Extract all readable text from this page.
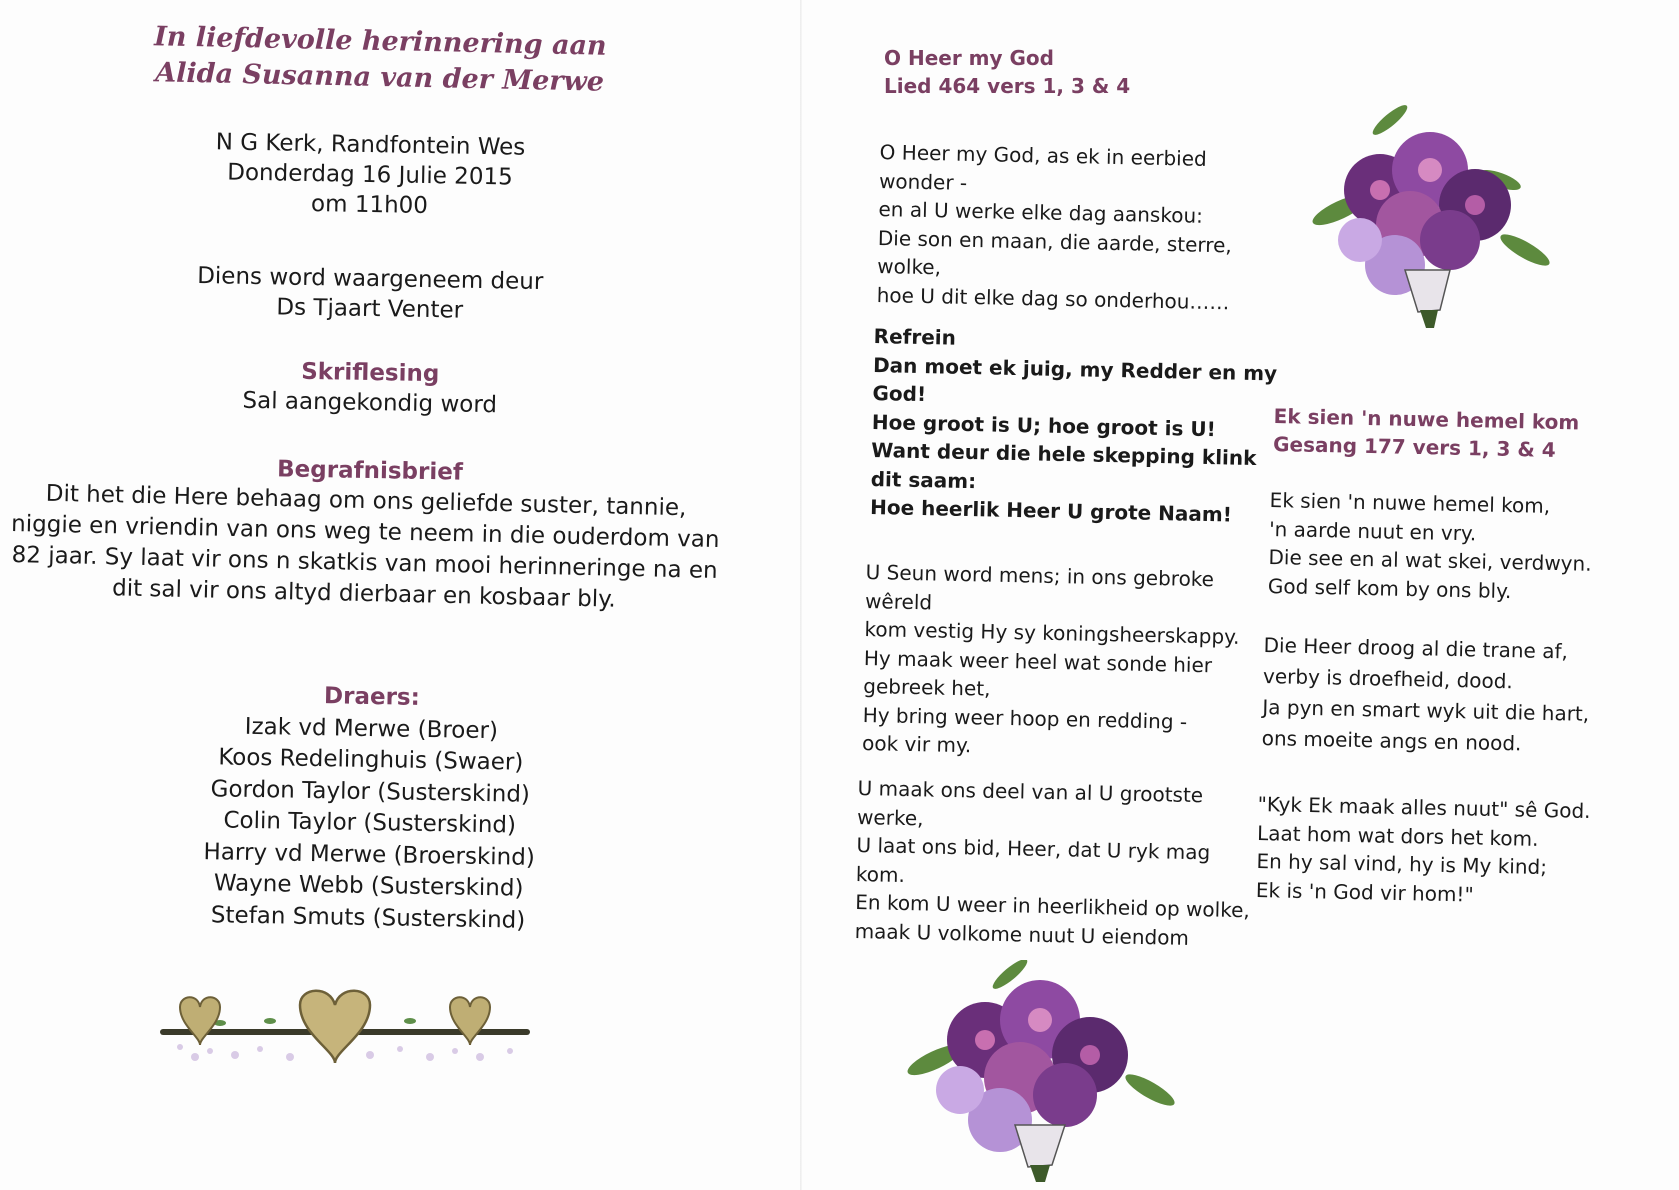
In liefdevolle herinnering aan
Alida Susanna van der Merwe
N G Kerk, Randfontein Wes
Donderdag 16 Julie 2015
om 11h00
Diens word waargeneem deur
Ds Tjaart Venter
Skriflesing
Sal aangekondig word
Begrafnisbrief
Dit het die Here behaag om ons geliefde suster, tannie, niggie en vriendin van ons weg te neem in die ouderdom van 82 jaar. Sy laat vir ons n skatkis van mooi herinneringe na en dit sal vir ons altyd dierbaar en kosbaar bly.
Draers:
Izak vd Merwe (Broer)
Koos Redelinghuis (Swaer)
Gordon Taylor (Susterskind)
Colin Taylor (Susterskind)
Harry vd Merwe (Broerskind)
Wayne Webb (Susterskind)
Stefan Smuts (Susterskind)
O Heer my God
Lied 464 vers 1, 3 & 4
O Heer my God, as ek in eerbied
wonder -
en al U werke elke dag aanskou:
Die son en maan, die aarde, sterre,
wolke,
hoe U dit elke dag so onderhou……
Refrein
Dan moet ek juig, my Redder en my
God!
Hoe groot is U; hoe groot is U!
Want deur die hele skepping klink
dit saam:
Hoe heerlik Heer U grote Naam!
U Seun word mens; in ons gebroke
wêreld
kom vestig Hy sy koningsheerskappy.
Hy maak weer heel wat sonde hier
gebreek het,
Hy bring weer hoop en redding -
ook vir my.
U maak ons deel van al U grootste
werke,
U laat ons bid, Heer, dat U ryk mag
kom.
En kom U weer in heerlikheid op wolke,
maak U volkome nuut U eiendom
Ek sien 'n nuwe hemel kom
Gesang 177 vers 1, 3 & 4
Ek sien 'n nuwe hemel kom,
'n aarde nuut en vry.
Die see en al wat skei, verdwyn.
God self kom by ons bly.
Die Heer droog al die trane af,
verby is droefheid, dood.
Ja pyn en smart wyk uit die hart,
ons moeite angs en nood.
"Kyk Ek maak alles nuut" sê God.
Laat hom wat dors het kom.
En hy sal vind, hy is My kind;
Ek is 'n God vir hom!"
